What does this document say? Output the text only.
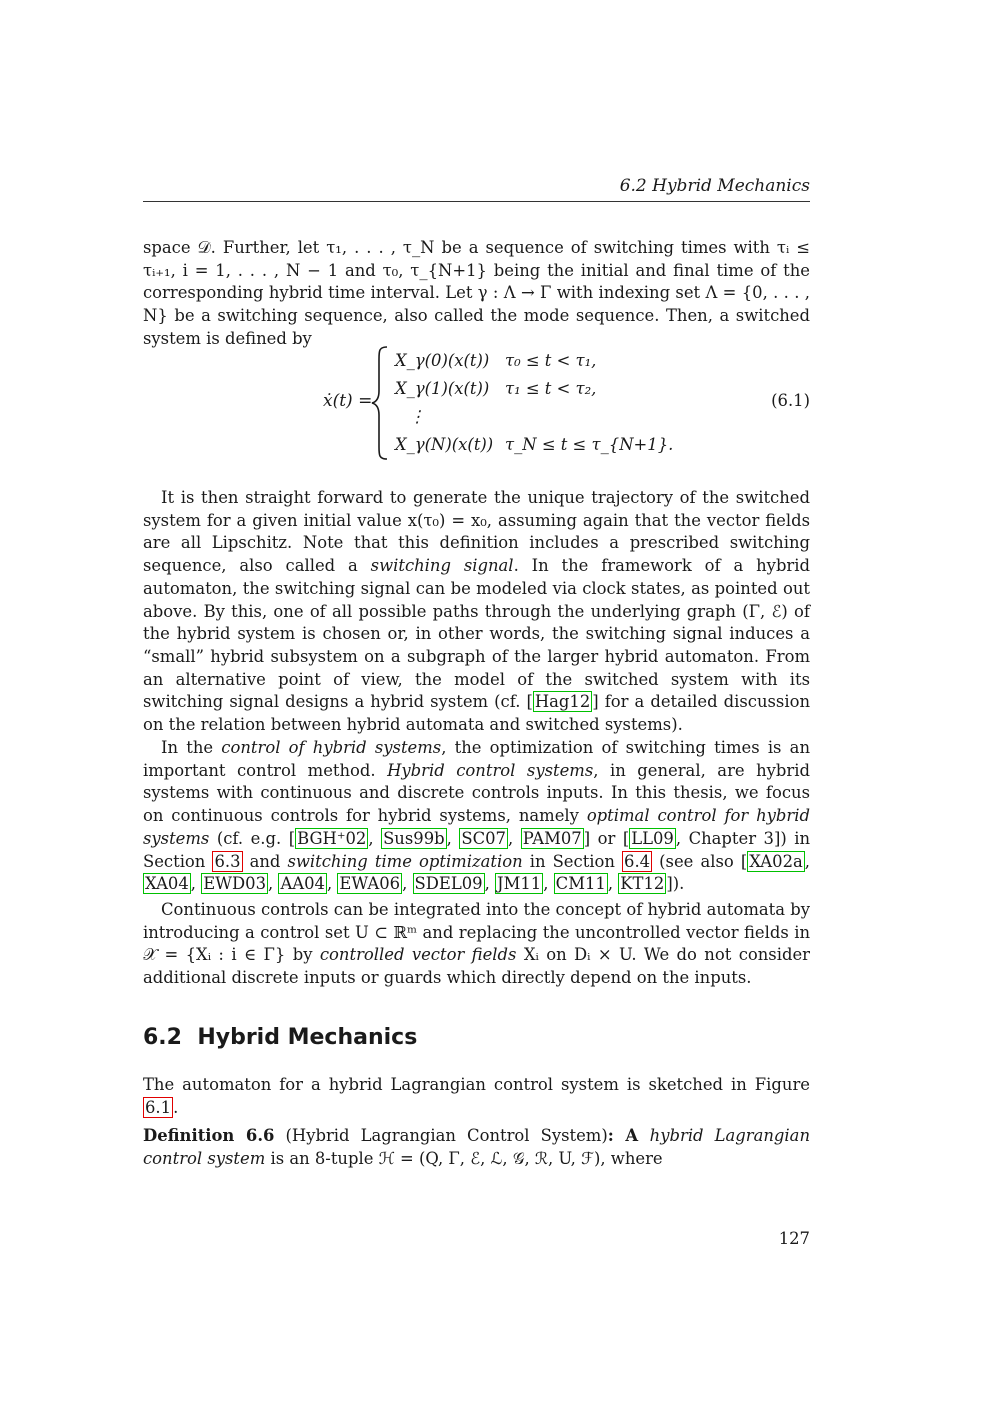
6.2 Hybrid Mechanics

space 𝒟. Further, let τ₁, . . . , τ_N be a sequence of switching times with τᵢ ≤ τᵢ₊₁, i = 1, . . . , N − 1 and τ₀, τ_{N+1} being the initial and final time of the corresponding hybrid time interval. Let γ : Λ → Γ with indexing set Λ = {0, . . . , N} be a switching sequence, also called the mode sequence. Then, a switched system is defined by

ẋ(t) =
X_γ(0)(x(t)) τ₀ ≤ t < τ₁,
X_γ(1)(x(t)) τ₁ ≤ t < τ₂,
⋮
X_γ(N)(x(t)) τ_N ≤ t ≤ τ_{N+1}.
(6.1)

It is then straight forward to generate the unique trajectory of the switched system for a given initial value x(τ₀) = x₀, assuming again that the vector fields are all Lipschitz. Note that this definition includes a prescribed switching sequence, also called a switching signal. In the framework of a hybrid automaton, the switching signal can be modeled via clock states, as pointed out above. By this, one of all possible paths through the underlying graph (Γ, ℰ) of the hybrid system is chosen or, in other words, the switching signal induces a “small” hybrid subsystem on a subgraph of the larger hybrid automaton. From an alternative point of view, the model of the switched system with its switching signal designs a hybrid system (cf. [ Hag12 ] for a detailed discussion on the relation between hybrid automata and switched systems).

In the control of hybrid systems, the optimization of switching times is an important control method. Hybrid control systems, in general, are hybrid systems with continuous and discrete controls inputs. In this thesis, we focus on continuous controls for hybrid systems, namely optimal control for hybrid systems (cf. e.g. [ BGH⁺02 , Sus99b , SC07 , PAM07 ] or [ LL09 , Chapter 3]) in Section 6.3 and switching time optimization in Section 6.4 (see also [ XA02a , XA04 , EWD03 , AA04 , EWA06 , SDEL09 , JM11 , CM11 , KT12 ]).

Continuous controls can be integrated into the concept of hybrid automata by introducing a control set U ⊂ ℝᵐ and replacing the uncontrolled vector fields in 𝒳 = {Xᵢ : i ∈ Γ} by controlled vector fields Xᵢ on Dᵢ × U. We do not consider additional discrete inputs or guards which directly depend on the inputs.

6.2 Hybrid Mechanics

The automaton for a hybrid Lagrangian control system is sketched in Figure 6.1 .

Definition 6.6 (Hybrid Lagrangian Control System): A hybrid Lagrangian control system is an 8-tuple ℋ = (Q, Γ, ℰ, ℒ, 𝒢, ℛ, U, ℱ), where

127
